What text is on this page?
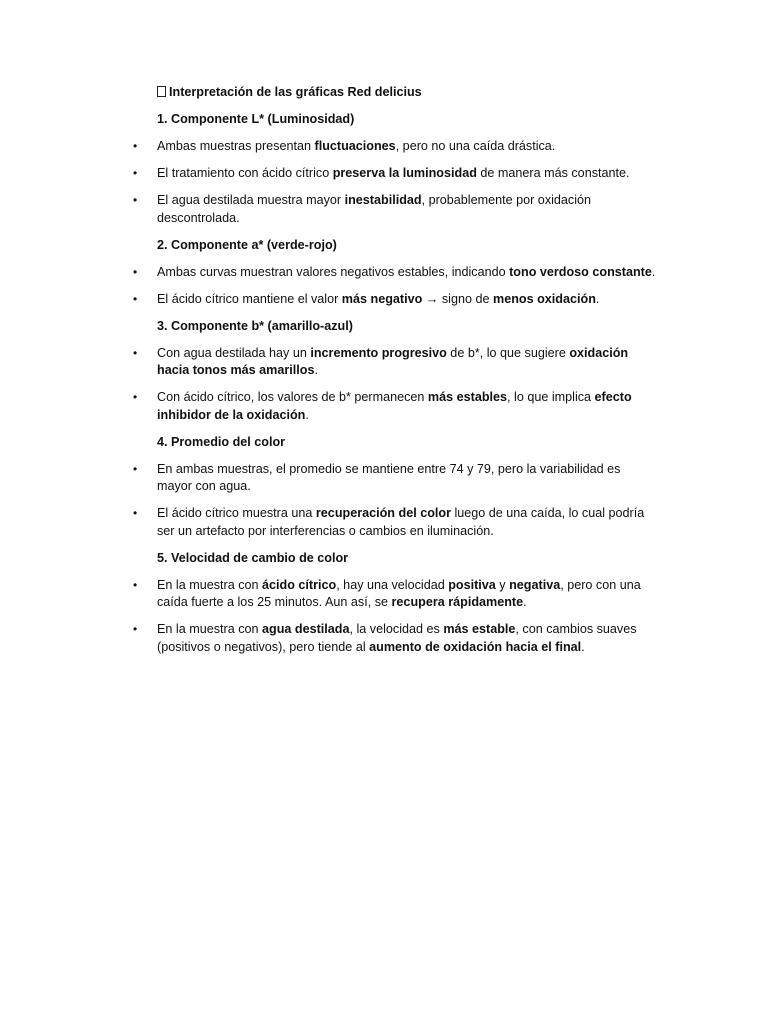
Interpretación de las gráficas Red delicius
1. Componente L* (Luminosidad)
• Ambas muestras presentan fluctuaciones, pero no una caída drástica.
• El tratamiento con ácido cítrico preserva la luminosidad de manera más constante.
• El agua destilada muestra mayor inestabilidad, probablemente por oxidación descontrolada.
2. Componente a* (verde-rojo)
• Ambas curvas muestran valores negativos estables, indicando tono verdoso constante.
• El ácido cítrico mantiene el valor más negativo → signo de menos oxidación.
3. Componente b* (amarillo-azul)
• Con agua destilada hay un incremento progresivo de b*, lo que sugiere oxidación hacia tonos más amarillos.
• Con ácido cítrico, los valores de b* permanecen más estables, lo que implica efecto inhibidor de la oxidación.
4. Promedio del color
• En ambas muestras, el promedio se mantiene entre 74 y 79, pero la variabilidad es mayor con agua.
• El ácido cítrico muestra una recuperación del color luego de una caída, lo cual podría ser un artefacto por interferencias o cambios en iluminación.
5. Velocidad de cambio de color
• En la muestra con ácido cítrico, hay una velocidad positiva y negativa, pero con una caída fuerte a los 25 minutos. Aun así, se recupera rápidamente.
• En la muestra con agua destilada, la velocidad es más estable, con cambios suaves (positivos o negativos), pero tiende al aumento de oxidación hacia el final.
